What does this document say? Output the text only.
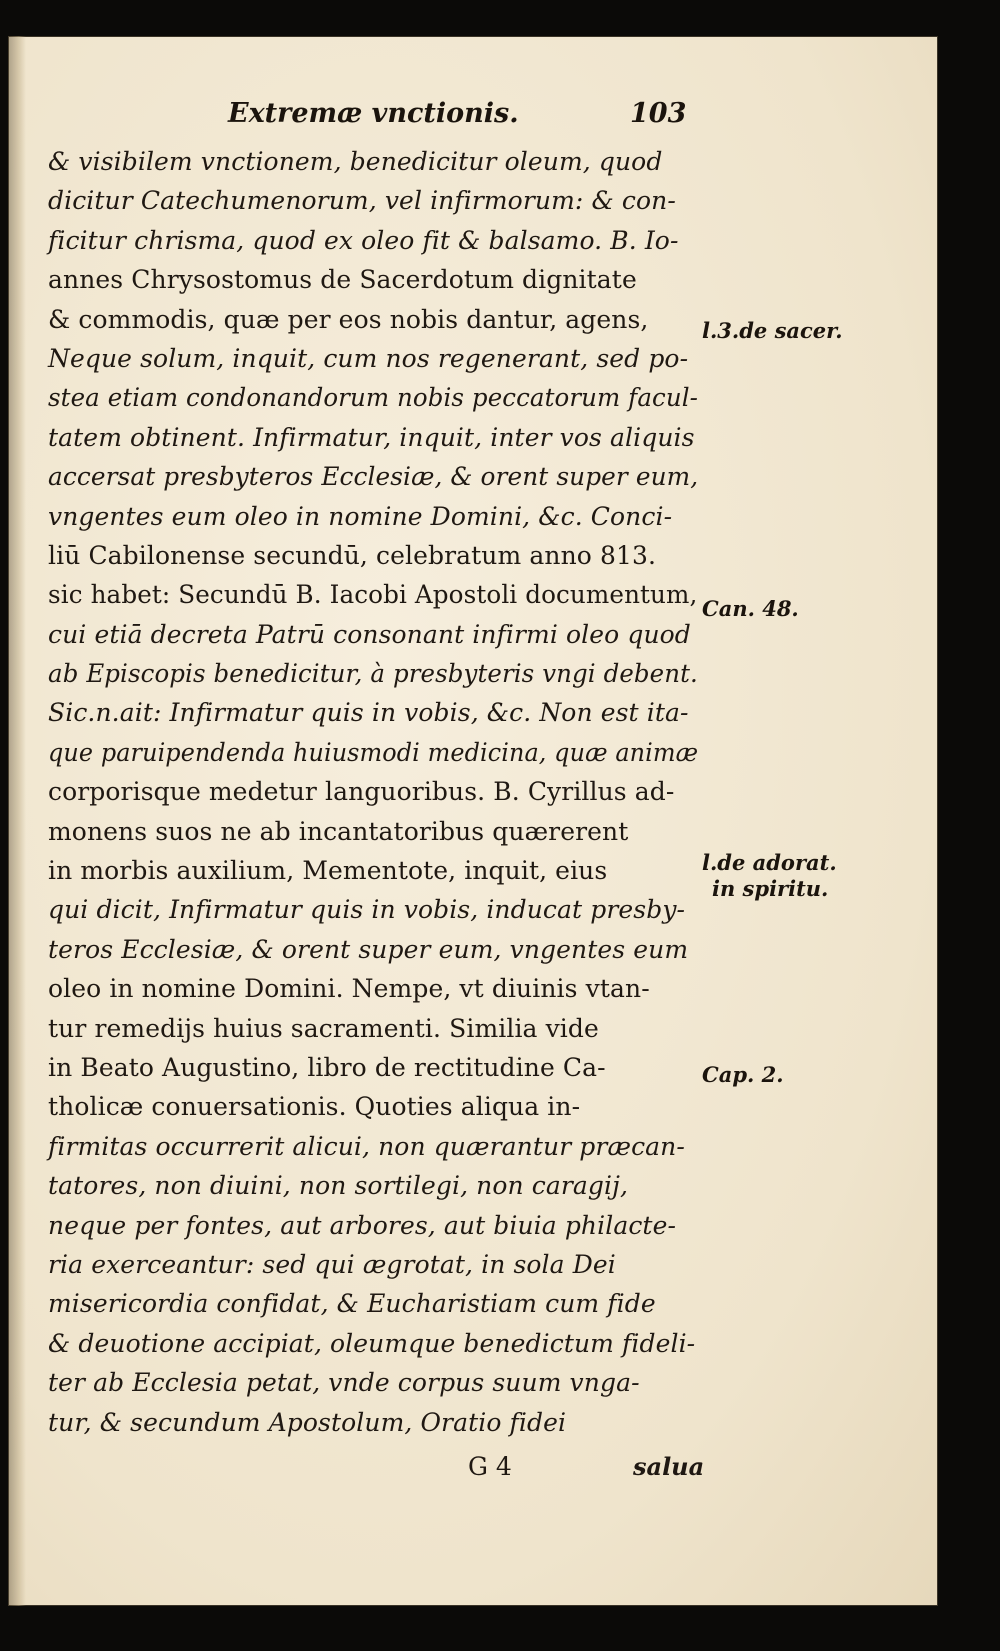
Extremæ vnctionis.	103
& visibilem vnctionem, benedicitur oleum, quod
dicitur Catechumenorum, vel infirmorum: & con-
ficitur chrisma, quod ex oleo fit & balsamo. B. Io-
annes Chrysostomus de Sacerdotum dignitate
& commodis, quæ per eos nobis dantur, agens,
Neque solum, inquit, cum nos regenerant, sed po-
stea etiam condonandorum nobis peccatorum facul-
tatem obtinent. Infirmatur, inquit, inter vos aliquis
accersat presbyteros Ecclesiæ, & orent super eum,
vngentes eum oleo in nomine Domini, &c. Conci-
liū Cabilonense secundū, celebratum anno 813.
sic habet: Secundū B. Iacobi Apostoli documentum,
cui etiā decreta Patrū consonant infirmi oleo quod
ab Episcopis benedicitur, à presbyteris vngi debent.
Sic.n.ait: Infirmatur quis in vobis, &c. Non est ita-
que paruipendenda huiusmodi medicina, quæ animæ
corporisque medetur languoribus. B. Cyrillus ad-
monens suos ne ab incantatoribus quærerent
in morbis auxilium, Mementote, inquit, eius
qui dicit, Infirmatur quis in vobis, inducat presby-
teros Ecclesiæ, & orent super eum, vngentes eum
oleo in nomine Domini. Nempe, vt diuinis vtan-
tur remedijs huius sacramenti. Similia vide
in Beato Augustino, libro de rectitudine Ca-
tholicæ conuersationis. Quoties aliqua in-
firmitas occurrerit alicui, non quærantur præcan-
tatores, non diuini, non sortilegi, non caragij,
neque per fontes, aut arbores, aut biuia philacte-
ria exerceantur: sed qui ægrotat, in sola Dei
misericordia confidat, & Eucharistiam cum fide
& deuotione accipiat, oleumque benedictum fideli-
ter ab Ecclesia petat, vnde corpus suum vnga-
tur, & secundum Apostolum, Oratio fidei
l.3.de sacer.
Can. 48.
l.de adorat.
in spiritu.
Cap. 2.
G 4	salua
